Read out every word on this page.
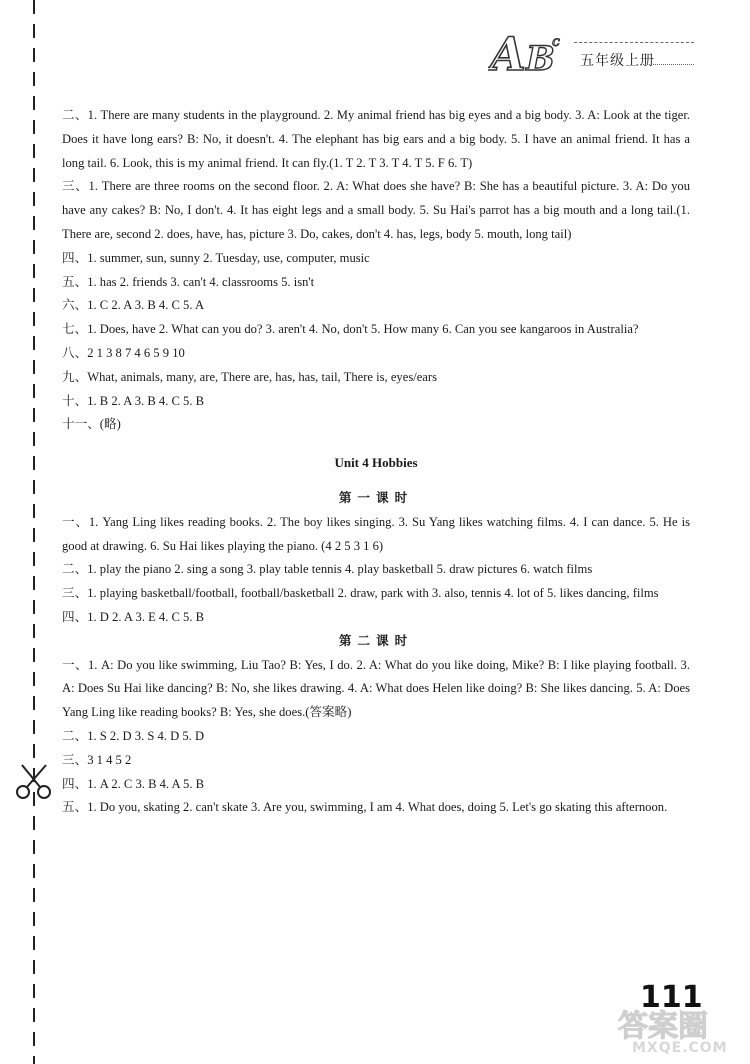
A B
c
五年级上册

二、1. There are many students in the playground. 2. My animal friend has big eyes and a big body. 3. A: Look at the tiger. Does it have long ears? B: No, it doesn't. 4. The elephant has big ears and a big body. 5. I have an animal friend. It has a long tail. 6. Look, this is my animal friend. It can fly.(1. T 2. T 3. T 4. T 5. F 6. T)

三、1. There are three rooms on the second floor. 2. A: What does she have? B: She has a beautiful picture. 3. A: Do you have any cakes? B: No, I don't. 4. It has eight legs and a small body. 5. Su Hai's parrot has a big mouth and a long tail.(1. There are, second 2. does, have, has, picture 3. Do, cakes, don't 4. has, legs, body 5. mouth, long tail)

四、1. summer, sun, sunny 2. Tuesday, use, computer, music

五、1. has 2. friends 3. can't 4. classrooms 5. isn't

六、1. C 2. A 3. B 4. C 5. A

七、1. Does, have 2. What can you do? 3. aren't 4. No, don't 5. How many 6. Can you see kangaroos in Australia?

八、2 1 3 8 7 4 6 5 9 10

九、What, animals, many, are, There are, has, has, tail, There is, eyes/ears

十、1. B 2. A 3. B 4. C 5. B

十一、(略)

Unit 4 Hobbies

第一课时

一、1. Yang Ling likes reading books. 2. The boy likes singing. 3. Su Yang likes watching films. 4. I can dance. 5. He is good at drawing. 6. Su Hai likes playing the piano. (4 2 5 3 1 6)

二、1. play the piano 2. sing a song 3. play table tennis 4. play basketball 5. draw pictures 6. watch films

三、1. playing basketball/football, football/basketball 2. draw, park with 3. also, tennis 4. lot of 5. likes dancing, films

四、1. D 2. A 3. E 4. C 5. B

第二课时

一、1. A: Do you like swimming, Liu Tao? B: Yes, I do. 2. A: What do you like doing, Mike? B: I like playing football. 3. A: Does Su Hai like dancing? B: No, she likes drawing. 4. A: What does Helen like doing? B: She likes dancing. 5. A: Does Yang Ling like reading books? B: Yes, she does.(答案略)

二、1. S 2. D 3. S 4. D 5. D

三、3 1 4 5 2

四、1. A 2. C 3. B 4. A 5. B

五、1. Do you, skating 2. can't skate 3. Are you, swimming, I am 4. What does, doing 5. Let's go skating this afternoon.

111
答案圈
MXQE.COM
